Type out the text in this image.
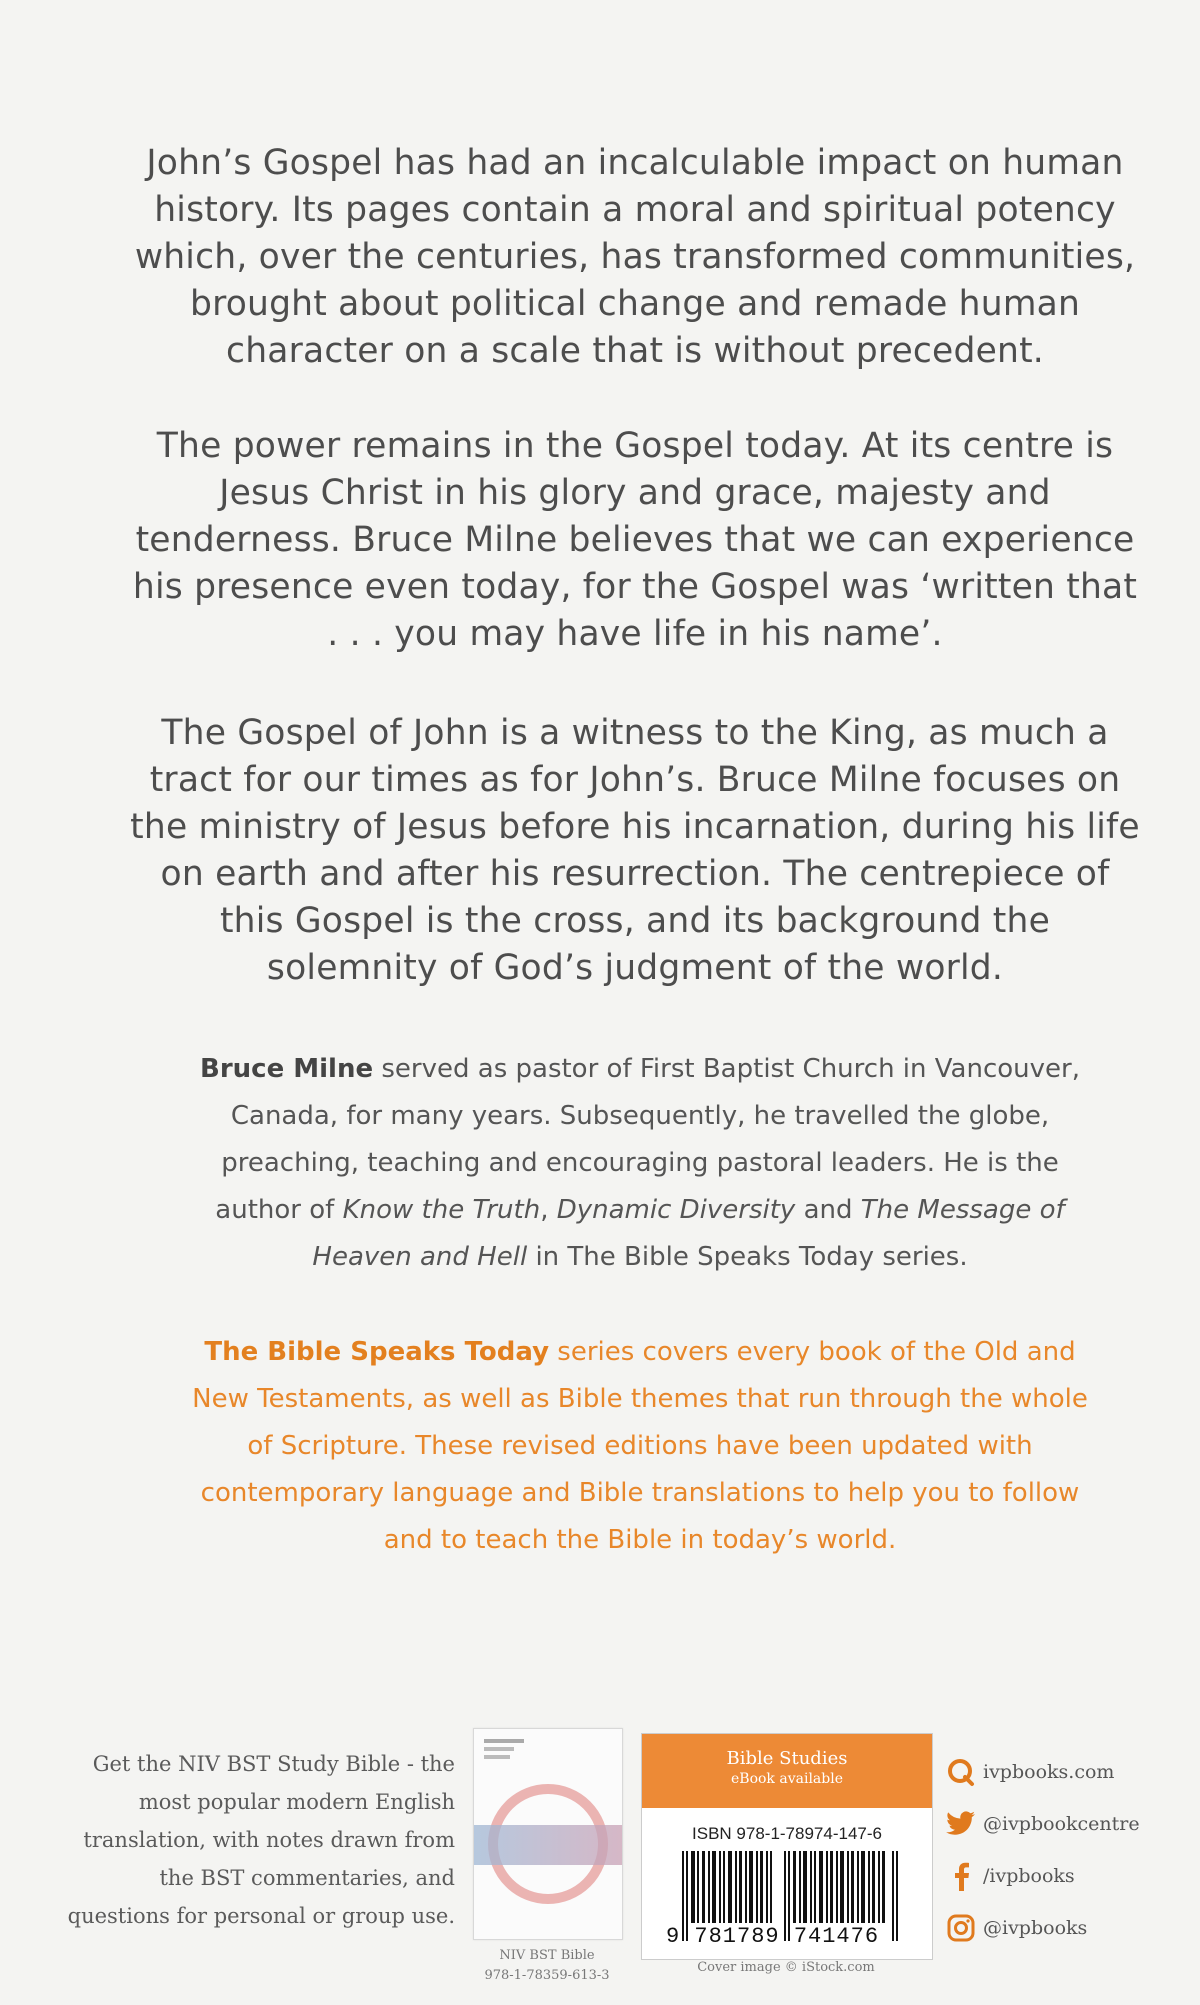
John’s Gospel has had an incalculable impact on human history. Its pages contain a moral and spiritual potency which, over the centuries, has transformed communities, brought about political change and remade human character on a scale that is without precedent.

The power remains in the Gospel today. At its centre is Jesus Christ in his glory and grace, majesty and tenderness. Bruce Milne believes that we can experience his presence even today, for the Gospel was ‘written that . . . you may have life in his name’.

The Gospel of John is a witness to the King, as much a tract for our times as for John’s. Bruce Milne focuses on the ministry of Jesus before his incarnation, during his life on earth and after his resurrection. The centrepiece of this Gospel is the cross, and its background the solemnity of God’s judgment of the world.

Bruce Milne served as pastor of First Baptist Church in Vancouver, Canada, for many years. Subsequently, he travelled the globe, preaching, teaching and encouraging pastoral leaders. He is the author of Know the Truth, Dynamic Diversity and The Message of Heaven and Hell in The Bible Speaks Today series.

The Bible Speaks Today series covers every book of the Old and New Testaments, as well as Bible themes that run through the whole of Scripture. These revised editions have been updated with contemporary language and Bible translations to help you to follow and to teach the Bible in today’s world.

Get the NIV BST Study Bible - the most popular modern English translation, with notes drawn from the BST commentaries, and questions for personal or group use.

NIV BST Bible
978-1-78359-613-3
Bible Studies
eBook available
ISBN 978-1-78974-147-6
9 781789 741476
Cover image © iStock.com
ivpbooks.com
@ivpbookcentre
/ivpbooks
@ivpbooks
